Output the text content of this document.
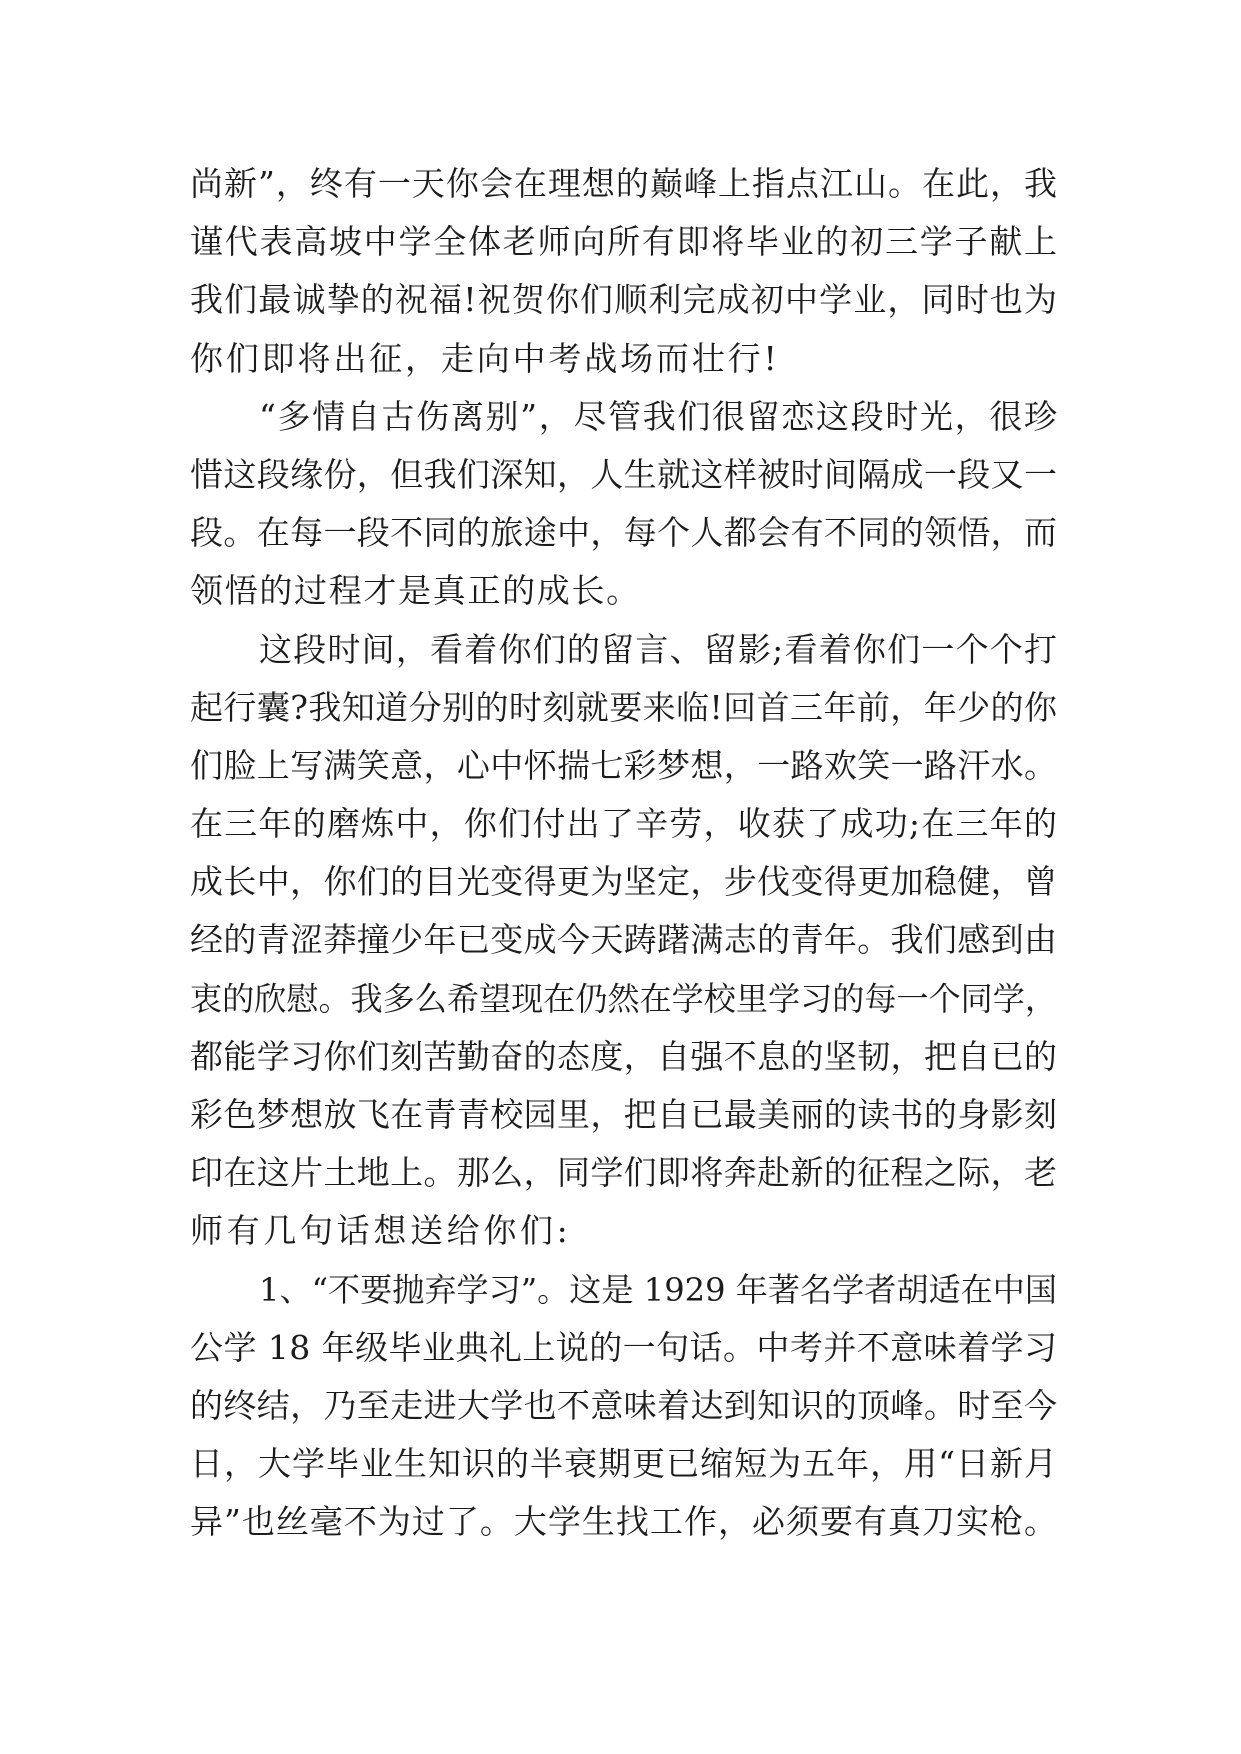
尚新”，终有一天你会在理想的巅峰上指点江山。在此，我
谨代表高坡中学全体老师向所有即将毕业的初三学子献上
我们最诚挚的祝福!祝贺你们顺利完成初中学业，同时也为
你们即将出征，走向中考战场而壮行!
“多情自古伤离别”，尽管我们很留恋这段时光，很珍
惜这段缘份，但我们深知，人生就这样被时间隔成一段又一
段。在每一段不同的旅途中，每个人都会有不同的领悟，而
领悟的过程才是真正的成长。
这段时间，看着你们的留言、留影;看着你们一个个打
起行囊?我知道分别的时刻就要来临!回首三年前，年少的你
们脸上写满笑意，心中怀揣七彩梦想，一路欢笑一路汗水。
在三年的磨炼中，你们付出了辛劳，收获了成功;在三年的
成长中，你们的目光变得更为坚定，步伐变得更加稳健，曾
经的青涩莽撞少年已变成今天踌躇满志的青年。我们感到由
衷的欣慰。我多么希望现在仍然在学校里学习的每一个同学，
都能学习你们刻苦勤奋的态度，自强不息的坚韧，把自已的
彩色梦想放飞在青青校园里，把自已最美丽的读书的身影刻
印在这片土地上。那么，同学们即将奔赴新的征程之际，老
师有几句话想送给你们:
1、“不要抛弃学习”。这是 1929 年著名学者胡适在中国
公学 18 年级毕业典礼上说的一句话。中考并不意味着学习
的终结，乃至走进大学也不意味着达到知识的顶峰。时至今
日，大学毕业生知识的半衰期更已缩短为五年，用“日新月
异”也丝毫不为过了。大学生找工作，必须要有真刀实枪。
